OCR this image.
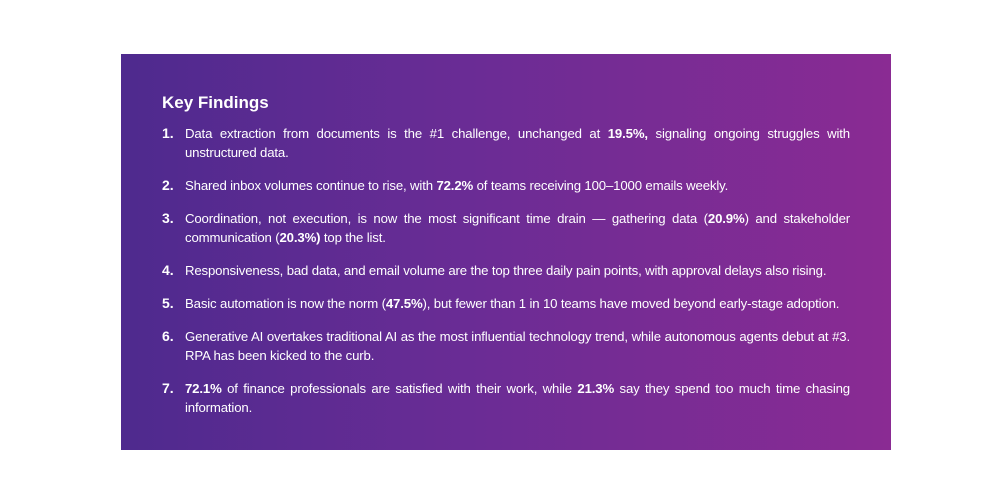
Key Findings
1. Data extraction from documents is the #1 challenge, unchanged at 19.5%, signaling ongoing struggles with unstructured data.
2. Shared inbox volumes continue to rise, with 72.2% of teams receiving 100–1000 emails weekly.
3. Coordination, not execution, is now the most significant time drain — gathering data (20.9%) and stakeholder communication (20.3%) top the list.
4. Responsiveness, bad data, and email volume are the top three daily pain points, with approval delays also rising.
5. Basic automation is now the norm (47.5%), but fewer than 1 in 10 teams have moved beyond early-stage adoption.
6. Generative AI overtakes traditional AI as the most influential technology trend, while autonomous agents debut at #3. RPA has been kicked to the curb.
7. 72.1% of finance professionals are satisfied with their work, while 21.3% say they spend too much time chasing information.
